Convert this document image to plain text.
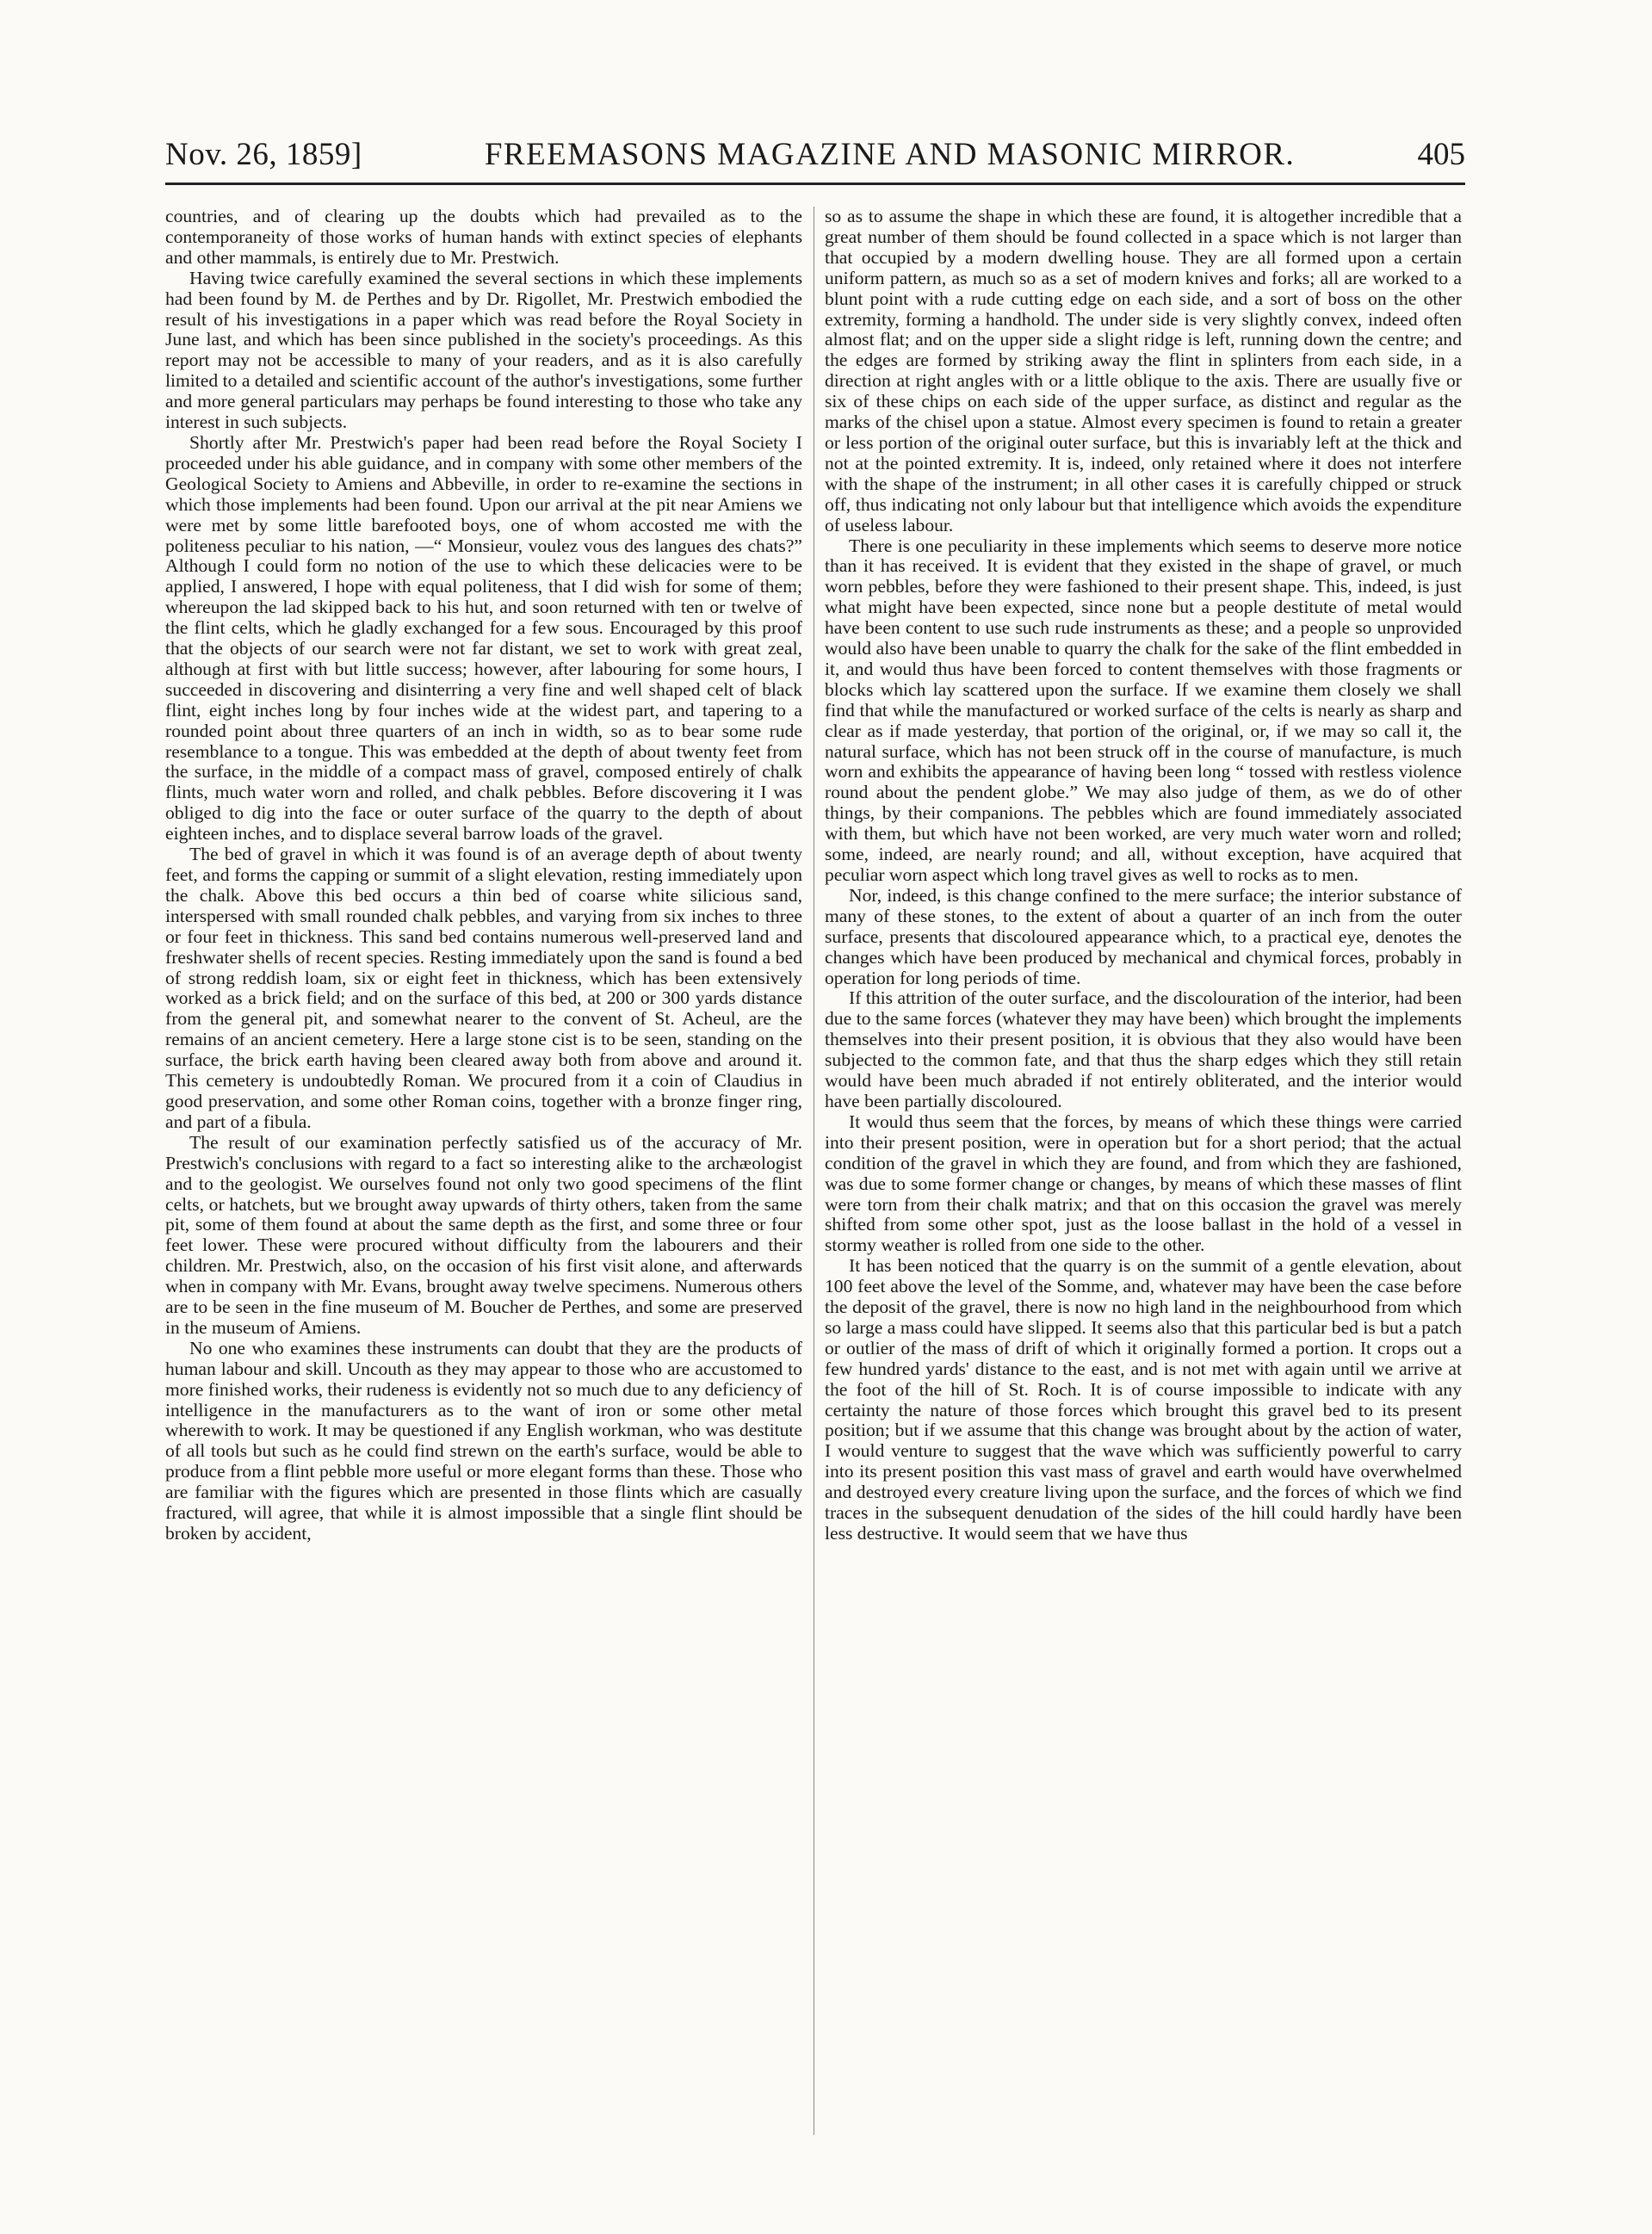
Nov. 26, 1859]	FREEMASONS MAGAZINE AND MASONIC MIRROR.	405

countries, and of clearing up the doubts which had prevailed as to the contemporaneity of those works of human hands with extinct species of elephants and other mammals, is entirely due to Mr. Prestwich.

Having twice carefully examined the several sections in which these implements had been found by M. de Perthes and by Dr. Rigollet, Mr. Prestwich embodied the result of his investigations in a paper which was read before the Royal Society in June last, and which has been since published in the society's proceedings. As this report may not be accessible to many of your readers, and as it is also carefully limited to a detailed and scientific account of the author's investigations, some further and more general particulars may perhaps be found interesting to those who take any interest in such subjects.

Shortly after Mr. Prestwich's paper had been read before the Royal Society I proceeded under his able guidance, and in company with some other members of the Geological Society to Amiens and Abbeville, in order to re-examine the sections in which those implements had been found. Upon our arrival at the pit near Amiens we were met by some little barefooted boys, one of whom accosted me with the politeness peculiar to his nation, —“ Monsieur, voulez vous des langues des chats?” Although I could form no notion of the use to which these delicacies were to be applied, I answered, I hope with equal politeness, that I did wish for some of them; whereupon the lad skipped back to his hut, and soon returned with ten or twelve of the flint celts, which he gladly exchanged for a few sous. Encouraged by this proof that the objects of our search were not far distant, we set to work with great zeal, although at first with but little success; however, after labouring for some hours, I succeeded in discovering and disinterring a very fine and well shaped celt of black flint, eight inches long by four inches wide at the widest part, and tapering to a rounded point about three quarters of an inch in width, so as to bear some rude resemblance to a tongue. This was embedded at the depth of about twenty feet from the surface, in the middle of a compact mass of gravel, composed entirely of chalk flints, much water worn and rolled, and chalk pebbles. Before discovering it I was obliged to dig into the face or outer surface of the quarry to the depth of about eighteen inches, and to displace several barrow loads of the gravel.

The bed of gravel in which it was found is of an average depth of about twenty feet, and forms the capping or summit of a slight elevation, resting immediately upon the chalk. Above this bed occurs a thin bed of coarse white silicious sand, interspersed with small rounded chalk pebbles, and varying from six inches to three or four feet in thickness. This sand bed contains numerous well-preserved land and freshwater shells of recent species. Resting immediately upon the sand is found a bed of strong reddish loam, six or eight feet in thickness, which has been extensively worked as a brick field; and on the surface of this bed, at 200 or 300 yards distance from the general pit, and somewhat nearer to the convent of St. Acheul, are the remains of an ancient cemetery. Here a large stone cist is to be seen, standing on the surface, the brick earth having been cleared away both from above and around it. This cemetery is undoubtedly Roman. We procured from it a coin of Claudius in good preservation, and some other Roman coins, together with a bronze finger ring, and part of a fibula.

The result of our examination perfectly satisfied us of the accuracy of Mr. Prestwich's conclusions with regard to a fact so interesting alike to the archæologist and to the geologist. We ourselves found not only two good specimens of the flint celts, or hatchets, but we brought away upwards of thirty others, taken from the same pit, some of them found at about the same depth as the first, and some three or four feet lower. These were procured without difficulty from the labourers and their children. Mr. Prestwich, also, on the occasion of his first visit alone, and afterwards when in company with Mr. Evans, brought away twelve specimens. Numerous others are to be seen in the fine museum of M. Boucher de Perthes, and some are preserved in the museum of Amiens.

No one who examines these instruments can doubt that they are the products of human labour and skill. Uncouth as they may appear to those who are accustomed to more finished works, their rudeness is evidently not so much due to any deficiency of intelligence in the manufacturers as to the want of iron or some other metal wherewith to work. It may be questioned if any English workman, who was destitute of all tools but such as he could find strewn on the earth's surface, would be able to produce from a flint pebble more useful or more elegant forms than these. Those who are familiar with the figures which are presented in those flints which are casually fractured, will agree, that while it is almost impossible that a single flint should be broken by accident,

so as to assume the shape in which these are found, it is altogether incredible that a great number of them should be found collected in a space which is not larger than that occupied by a modern dwelling house. They are all formed upon a certain uniform pattern, as much so as a set of modern knives and forks; all are worked to a blunt point with a rude cutting edge on each side, and a sort of boss on the other extremity, forming a handhold. The under side is very slightly convex, indeed often almost flat; and on the upper side a slight ridge is left, running down the centre; and the edges are formed by striking away the flint in splinters from each side, in a direction at right angles with or a little oblique to the axis. There are usually five or six of these chips on each side of the upper surface, as distinct and regular as the marks of the chisel upon a statue. Almost every specimen is found to retain a greater or less portion of the original outer surface, but this is invariably left at the thick and not at the pointed extremity. It is, indeed, only retained where it does not interfere with the shape of the instrument; in all other cases it is carefully chipped or struck off, thus indicating not only labour but that intelligence which avoids the expenditure of useless labour.

There is one peculiarity in these implements which seems to deserve more notice than it has received. It is evident that they existed in the shape of gravel, or much worn pebbles, before they were fashioned to their present shape. This, indeed, is just what might have been expected, since none but a people destitute of metal would have been content to use such rude instruments as these; and a people so unprovided would also have been unable to quarry the chalk for the sake of the flint embedded in it, and would thus have been forced to content themselves with those fragments or blocks which lay scattered upon the surface. If we examine them closely we shall find that while the manufactured or worked surface of the celts is nearly as sharp and clear as if made yesterday, that portion of the original, or, if we may so call it, the natural surface, which has not been struck off in the course of manufacture, is much worn and exhibits the appearance of having been long “ tossed with restless violence round about the pendent globe.” We may also judge of them, as we do of other things, by their companions. The pebbles which are found immediately associated with them, but which have not been worked, are very much water worn and rolled; some, indeed, are nearly round; and all, without exception, have acquired that peculiar worn aspect which long travel gives as well to rocks as to men.

Nor, indeed, is this change confined to the mere surface; the interior substance of many of these stones, to the extent of about a quarter of an inch from the outer surface, presents that discoloured appearance which, to a practical eye, denotes the changes which have been produced by mechanical and chymical forces, probably in operation for long periods of time.

If this attrition of the outer surface, and the discolouration of the interior, had been due to the same forces (whatever they may have been) which brought the implements themselves into their present position, it is obvious that they also would have been subjected to the common fate, and that thus the sharp edges which they still retain would have been much abraded if not entirely obliterated, and the interior would have been partially discoloured.

It would thus seem that the forces, by means of which these things were carried into their present position, were in operation but for a short period; that the actual condition of the gravel in which they are found, and from which they are fashioned, was due to some former change or changes, by means of which these masses of flint were torn from their chalk matrix; and that on this occasion the gravel was merely shifted from some other spot, just as the loose ballast in the hold of a vessel in stormy weather is rolled from one side to the other.

It has been noticed that the quarry is on the summit of a gentle elevation, about 100 feet above the level of the Somme, and, whatever may have been the case before the deposit of the gravel, there is now no high land in the neighbourhood from which so large a mass could have slipped. It seems also that this particular bed is but a patch or outlier of the mass of drift of which it originally formed a portion. It crops out a few hundred yards' distance to the east, and is not met with again until we arrive at the foot of the hill of St. Roch. It is of course impossible to indicate with any certainty the nature of those forces which brought this gravel bed to its present position; but if we assume that this change was brought about by the action of water, I would venture to suggest that the wave which was sufficiently powerful to carry into its present position this vast mass of gravel and earth would have overwhelmed and destroyed every creature living upon the surface, and the forces of which we find traces in the subsequent denudation of the sides of the hill could hardly have been less destructive. It would seem that we have thus
